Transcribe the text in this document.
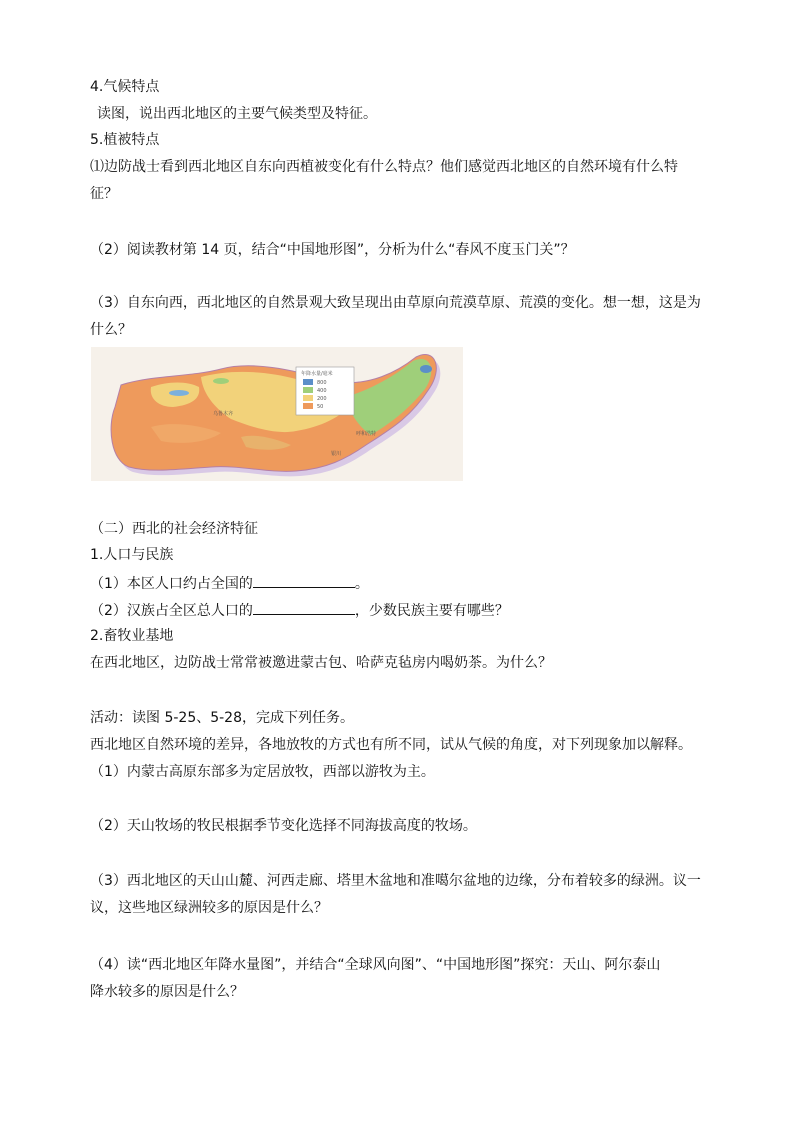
4.气候特点
读图，说出西北地区的主要气候类型及特征。
5.植被特点
⑴边防战士看到西北地区自东向西植被变化有什么特点？他们感觉西北地区的自然环境有什么特
征？
（2）阅读教材第 14 页，结合“中国地形图”，分析为什么“春风不度玉门关”？
（3）自东向西，西北地区的自然景观大致呈现出由草原向荒漠草原、荒漠的变化。想一想，这是为
什么？
年降水量/毫米
800
400
200
50
乌鲁木齐
呼和浩特
银川
（二）西北的社会经济特征
1.人口与民族
（1）本区人口约占全国的	。
（2）汉族占全区总人口的	，少数民族主要有哪些？
2.畜牧业基地
在西北地区，边防战士常常被邀进蒙古包、哈萨克毡房内喝奶茶。为什么？
活动：读图 5-25、5-28，完成下列任务。
西北地区自然环境的差异，各地放牧的方式也有所不同，试从气候的角度，对下列现象加以解释。
（1）内蒙古高原东部多为定居放牧，西部以游牧为主。
（2）天山牧场的牧民根据季节变化选择不同海拔高度的牧场。
（3）西北地区的天山山麓、河西走廊、塔里木盆地和准噶尔盆地的边缘，分布着较多的绿洲。议一
议，这些地区绿洲较多的原因是什么？
（4）读“西北地区年降水量图”，并结合“全球风向图”、“中国地形图”探究：天山、阿尔泰山
降水较多的原因是什么？
